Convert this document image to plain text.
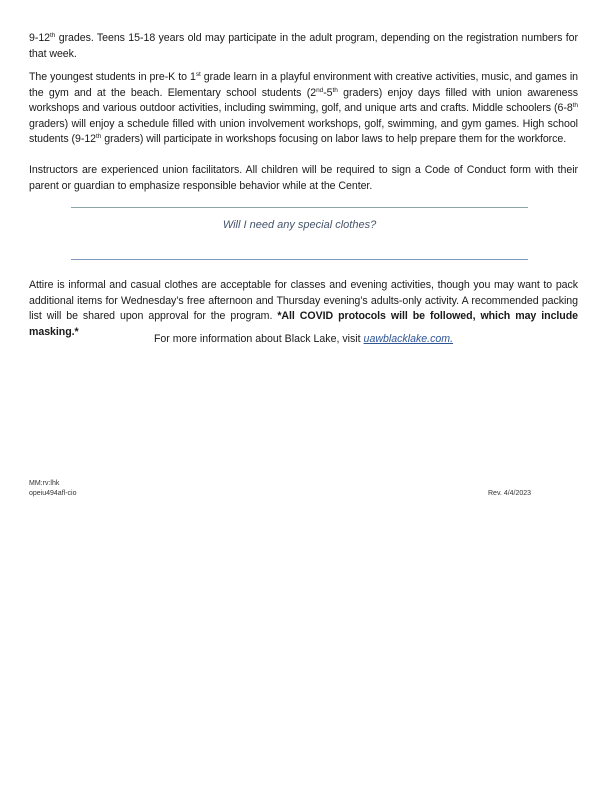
9-12th grades. Teens 15-18 years old may participate in the adult program, depending on the registration numbers for that week.

The youngest students in pre-K to 1st grade learn in a playful environment with creative activities, music, and games in the gym and at the beach. Elementary school students (2nd-5th graders) enjoy days filled with union awareness workshops and various outdoor activities, including swimming, golf, and unique arts and crafts. Middle schoolers (6-8th graders) will enjoy a schedule filled with union involvement workshops, golf, swimming, and gym games. High school students (9-12th graders) will participate in workshops focusing on labor laws to help prepare them for the workforce.

Instructors are experienced union facilitators. All children will be required to sign a Code of Conduct form with their parent or guardian to emphasize responsible behavior while at the Center.

Will I need any special clothes?

Attire is informal and casual clothes are acceptable for classes and evening activities, though you may want to pack additional items for Wednesday’s free afternoon and Thursday evening’s adults-only activity. A recommended packing list will be shared upon approval for the program. *All COVID protocols will be followed, which may include masking.*

For more information about Black Lake, visit uawblacklake.com.
MM:rv:lhk
opeiu494afl-cio	Rev. 4/4/2023
